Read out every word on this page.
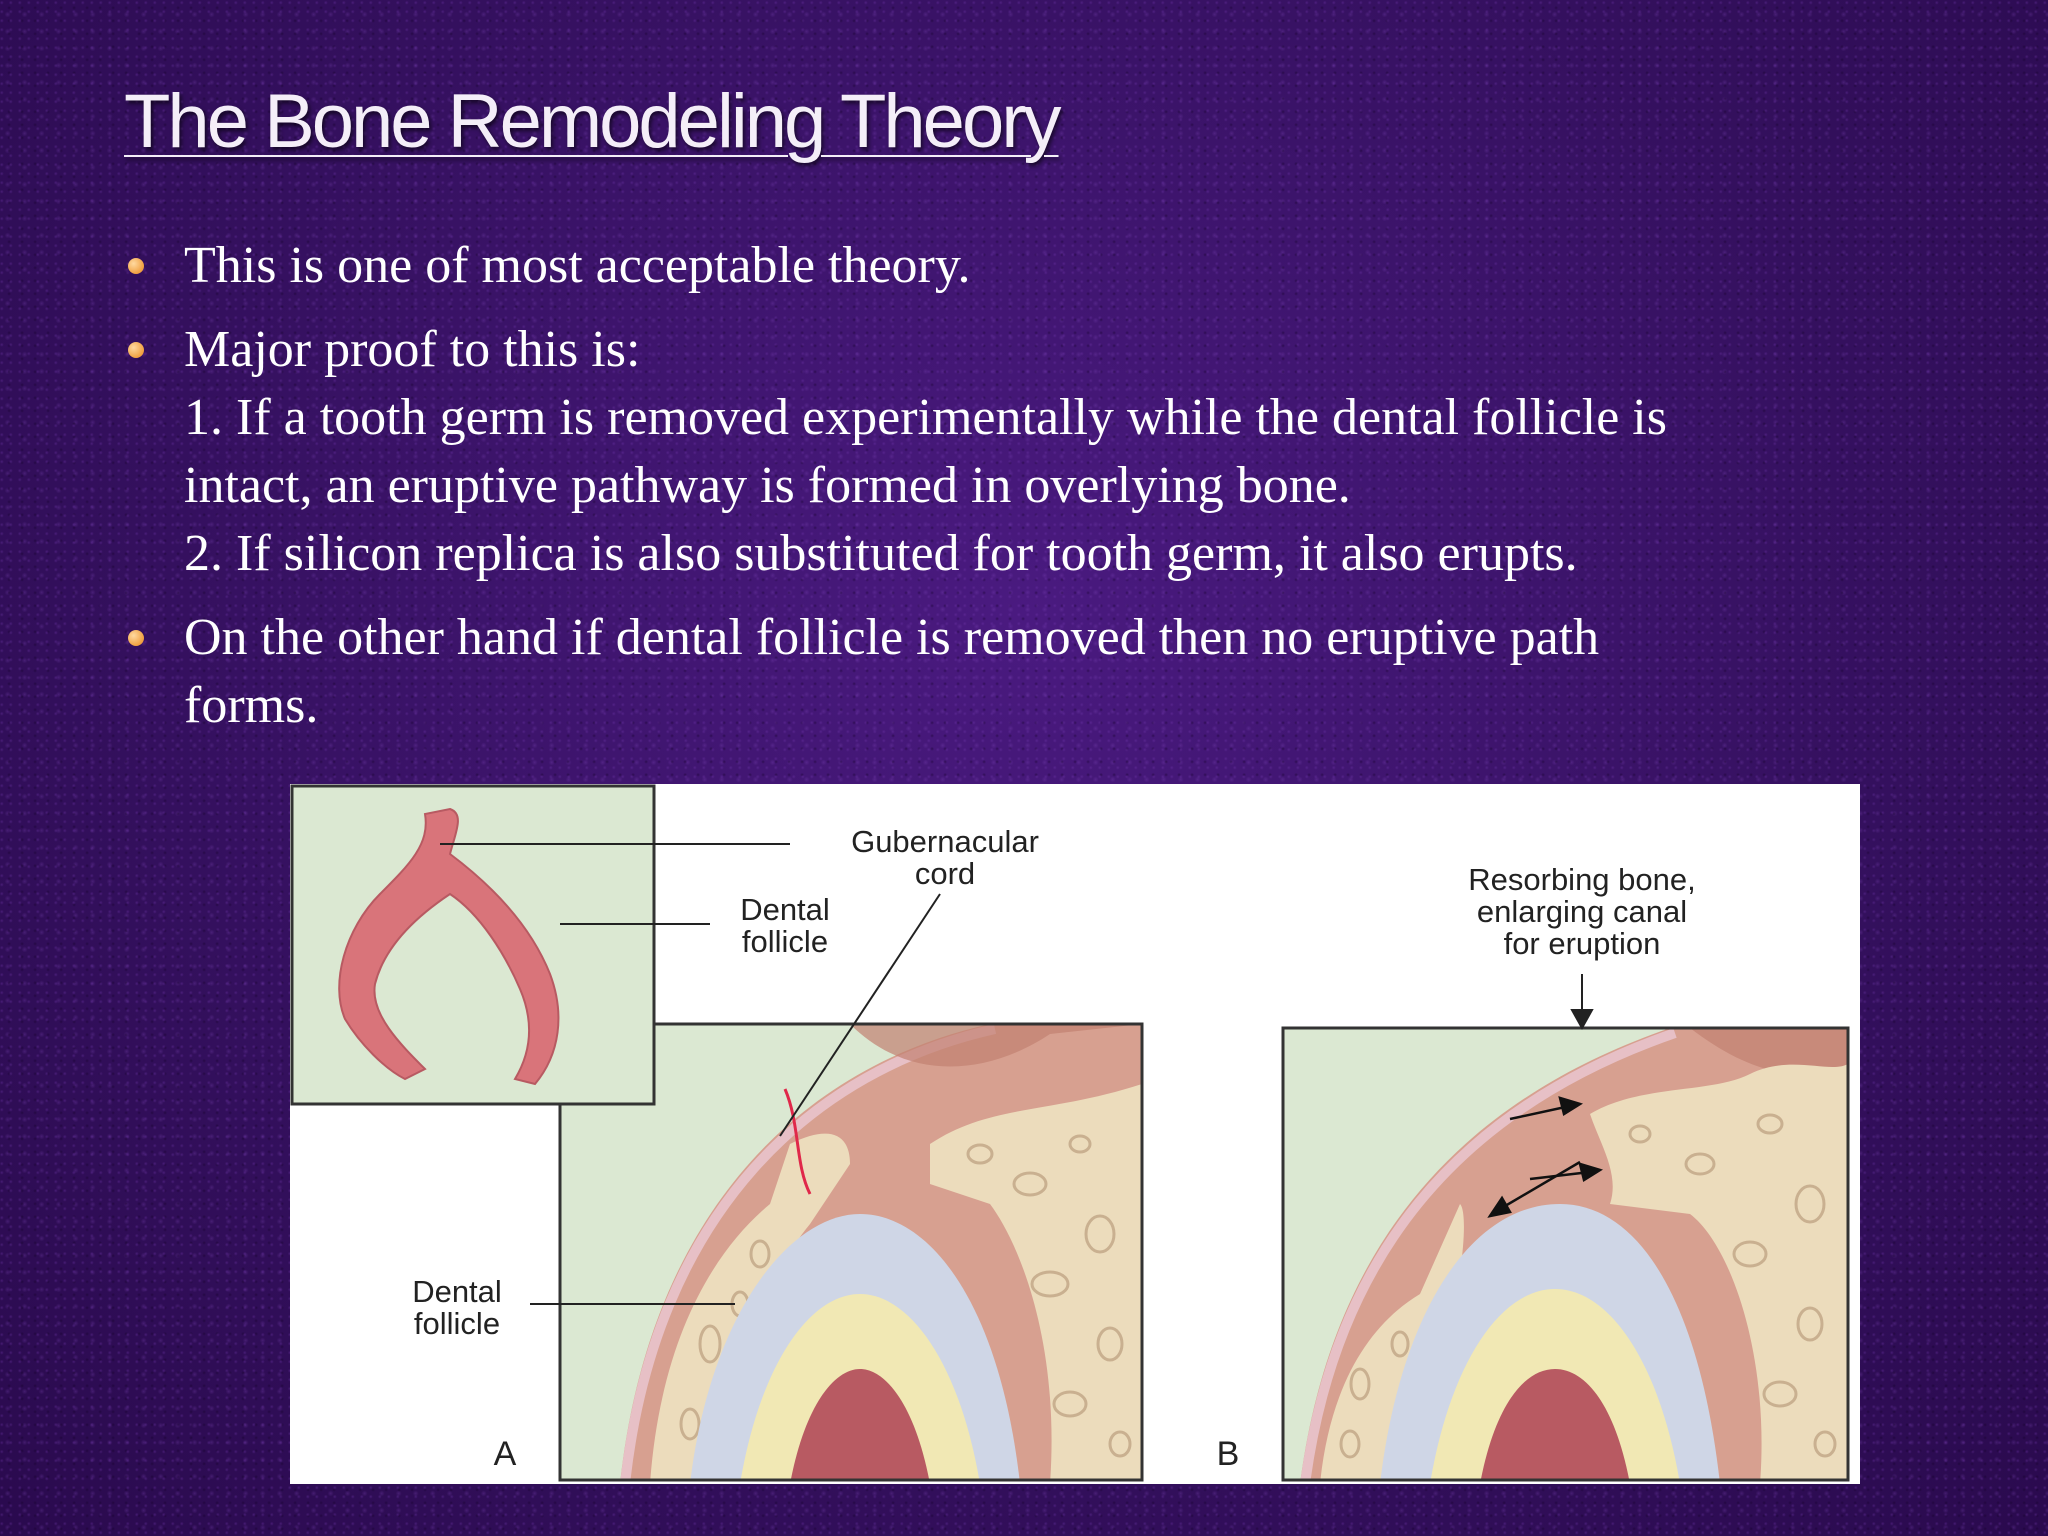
The Bone Remodeling Theory
This is one of most acceptable theory.
Major proof to this is:
1. If a tooth germ is removed experimentally while the dental follicle is
intact, an eruptive pathway is formed in overlying bone.
2. If silicon replica is also substituted for tooth germ, it also erupts.
On the other hand if dental follicle is removed then no eruptive path
forms.
Gubernacular
cord
Dental
follicle
Dental
follicle
Resorbing bone,
enlarging canal
for eruption
A	B
